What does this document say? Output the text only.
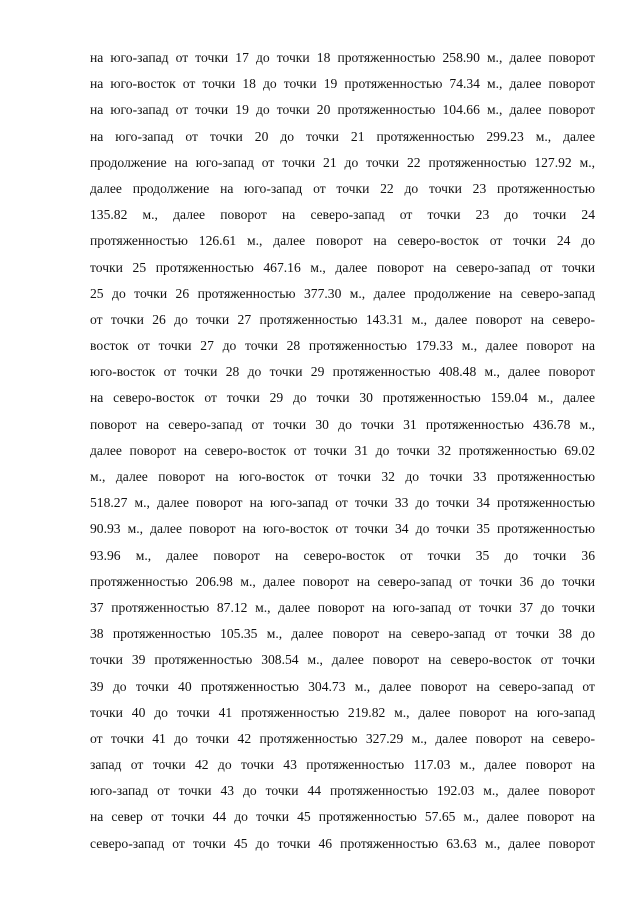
на юго-запад от точки 17 до точки 18 протяженностью 258.90 м., далее поворот
на юго-восток от точки 18 до точки 19 протяженностью 74.34 м., далее поворот
на юго-запад от точки 19 до точки 20 протяженностью 104.66 м., далее поворот
на юго-запад от точки 20 до точки 21 протяженностью 299.23 м., далее
продолжение на юго-запад от точки 21 до точки 22 протяженностью 127.92 м.,
далее продолжение на юго-запад от точки 22 до точки 23 протяженностью
135.82 м., далее поворот на северо-запад от точки 23 до точки 24
протяженностью 126.61 м., далее поворот на северо-восток от точки 24 до
точки 25 протяженностью 467.16 м., далее поворот на северо-запад от точки
25 до точки 26 протяженностью 377.30 м., далее продолжение на северо-запад
от точки 26 до точки 27 протяженностью 143.31 м., далее поворот на северо-
восток от точки 27 до точки 28 протяженностью 179.33 м., далее поворот на
юго-восток от точки 28 до точки 29 протяженностью 408.48 м., далее поворот
на северо-восток от точки 29 до точки 30 протяженностью 159.04 м., далее
поворот на северо-запад от точки 30 до точки 31 протяженностью 436.78 м.,
далее поворот на северо-восток от точки 31 до точки 32 протяженностью 69.02
м., далее поворот на юго-восток от точки 32 до точки 33 протяженностью
518.27 м., далее поворот на юго-запад от точки 33 до точки 34 протяженностью
90.93 м., далее поворот на юго-восток от точки 34 до точки 35 протяженностью
93.96 м., далее поворот на северо-восток от точки 35 до точки 36
протяженностью 206.98 м., далее поворот на северо-запад от точки 36 до точки
37 протяженностью 87.12 м., далее поворот на юго-запад от точки 37 до точки
38 протяженностью 105.35 м., далее поворот на северо-запад от точки 38 до
точки 39 протяженностью 308.54 м., далее поворот на северо-восток от точки
39 до точки 40 протяженностью 304.73 м., далее поворот на северо-запад от
точки 40 до точки 41 протяженностью 219.82 м., далее поворот на юго-запад
от точки 41 до точки 42 протяженностью 327.29 м., далее поворот на северо-
запад от точки 42 до точки 43 протяженностью 117.03 м., далее поворот на
юго-запад от точки 43 до точки 44 протяженностью 192.03 м., далее поворот
на север от точки 44 до точки 45 протяженностью 57.65 м., далее поворот на
северо-запад от точки 45 до точки 46 протяженностью 63.63 м., далее поворот
